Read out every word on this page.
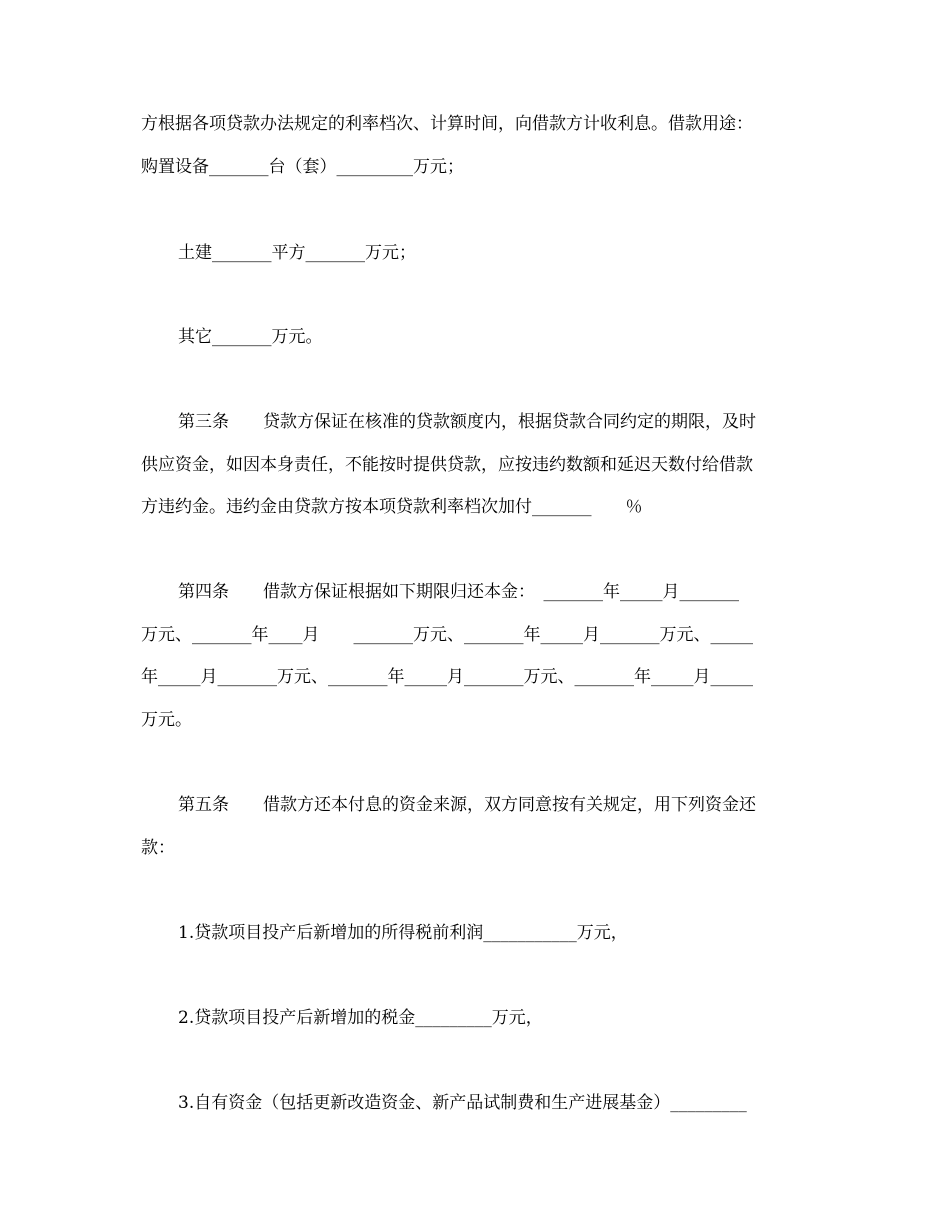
方根据各项贷款办法规定的利率档次、计算时间，向借款方计收利息。借款用途：
购置设备_______台（套）_________万元；
土建_______平方_______万元；
其它_______万元。
第三条　　贷款方保证在核准的贷款额度内，根据贷款合同约定的期限，及时
供应资金，如因本身责任，不能按时提供贷款，应按违约数额和延迟天数付给借款
方违约金。违约金由贷款方按本项贷款利率档次加付_______　　％
第四条　　借款方保证根据如下期限归还本金：　_______年_____月_______
万元、_______年____月　　_______万元、_______年_____月_______万元、_____
年_____月_______万元、_______年_____月_______万元、_______年_____月_____
万元。
第五条　　借款方还本付息的资金来源，双方同意按有关规定，用下列资金还
款：
1.贷款项目投产后新增加的所得税前利润___________万元，
2.贷款项目投产后新增加的税金_________万元，
3.自有资金（包括更新改造资金、新产品试制费和生产进展基金）_________
